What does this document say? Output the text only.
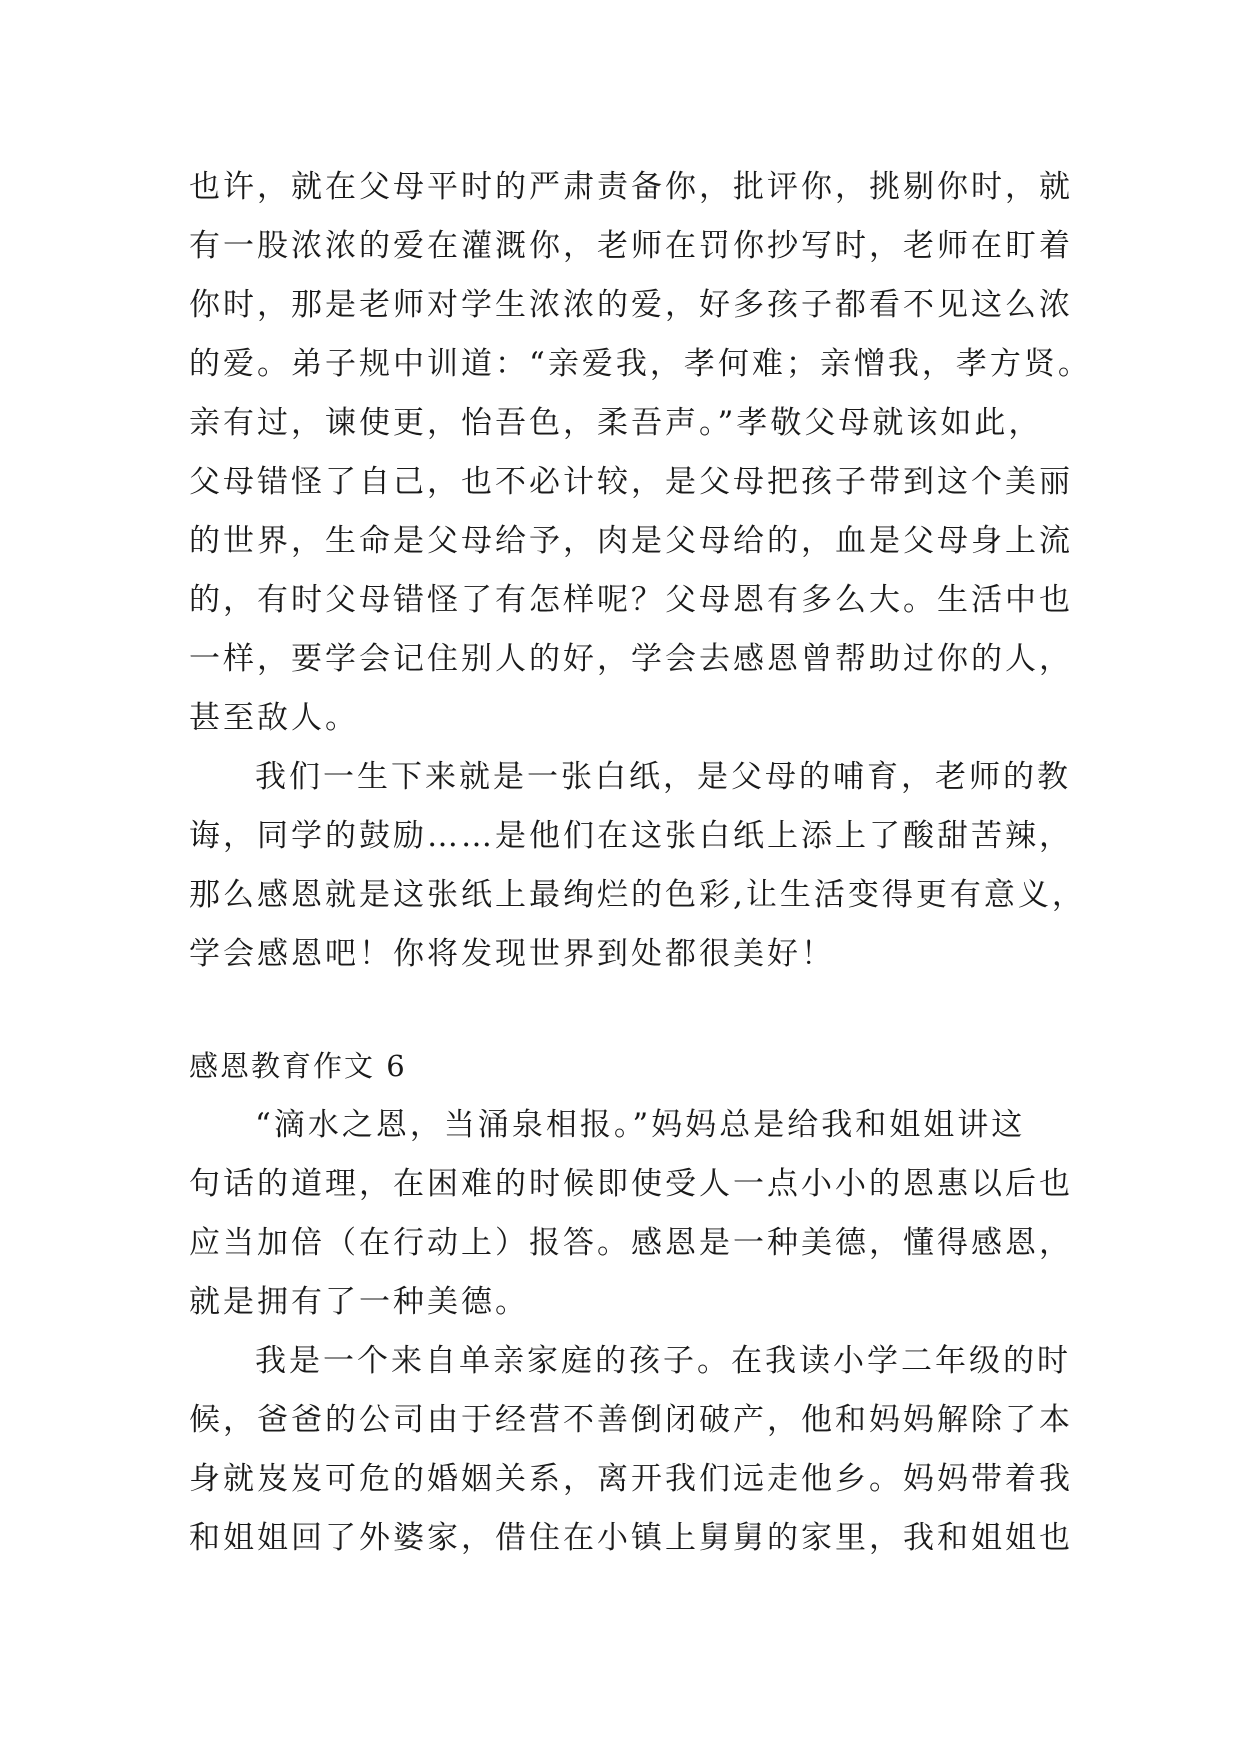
也许，就在父母平时的严肃责备你，批评你，挑剔你时，就
有一股浓浓的爱在灌溉你，老师在罚你抄写时，老师在盯着
你时，那是老师对学生浓浓的爱，好多孩子都看不见这么浓
的爱。弟子规中训道：“亲爱我，孝何难；亲憎我，孝方贤。
亲有过，谏使更，怡吾色，柔吾声。”孝敬父母就该如此，
父母错怪了自己，也不必计较，是父母把孩子带到这个美丽
的世界，生命是父母给予，肉是父母给的，血是父母身上流
的，有时父母错怪了有怎样呢？父母恩有多么大。生活中也
一样，要学会记住别人的好，学会去感恩曾帮助过你的人，
甚至敌人。
我们一生下来就是一张白纸，是父母的哺育，老师的教
诲，同学的鼓励……是他们在这张白纸上添上了酸甜苦辣，
那么感恩就是这张纸上最绚烂的色彩,让生活变得更有意义，
学会感恩吧！你将发现世界到处都很美好！
感恩教育作文 6
“滴水之恩，当涌泉相报。”妈妈总是给我和姐姐讲这
句话的道理，在困难的时候即使受人一点小小的恩惠以后也
应当加倍（在行动上）报答。感恩是一种美德，懂得感恩，
就是拥有了一种美德。
我是一个来自单亲家庭的孩子。在我读小学二年级的时
候，爸爸的公司由于经营不善倒闭破产，他和妈妈解除了本
身就岌岌可危的婚姻关系，离开我们远走他乡。妈妈带着我
和姐姐回了外婆家，借住在小镇上舅舅的家里，我和姐姐也
